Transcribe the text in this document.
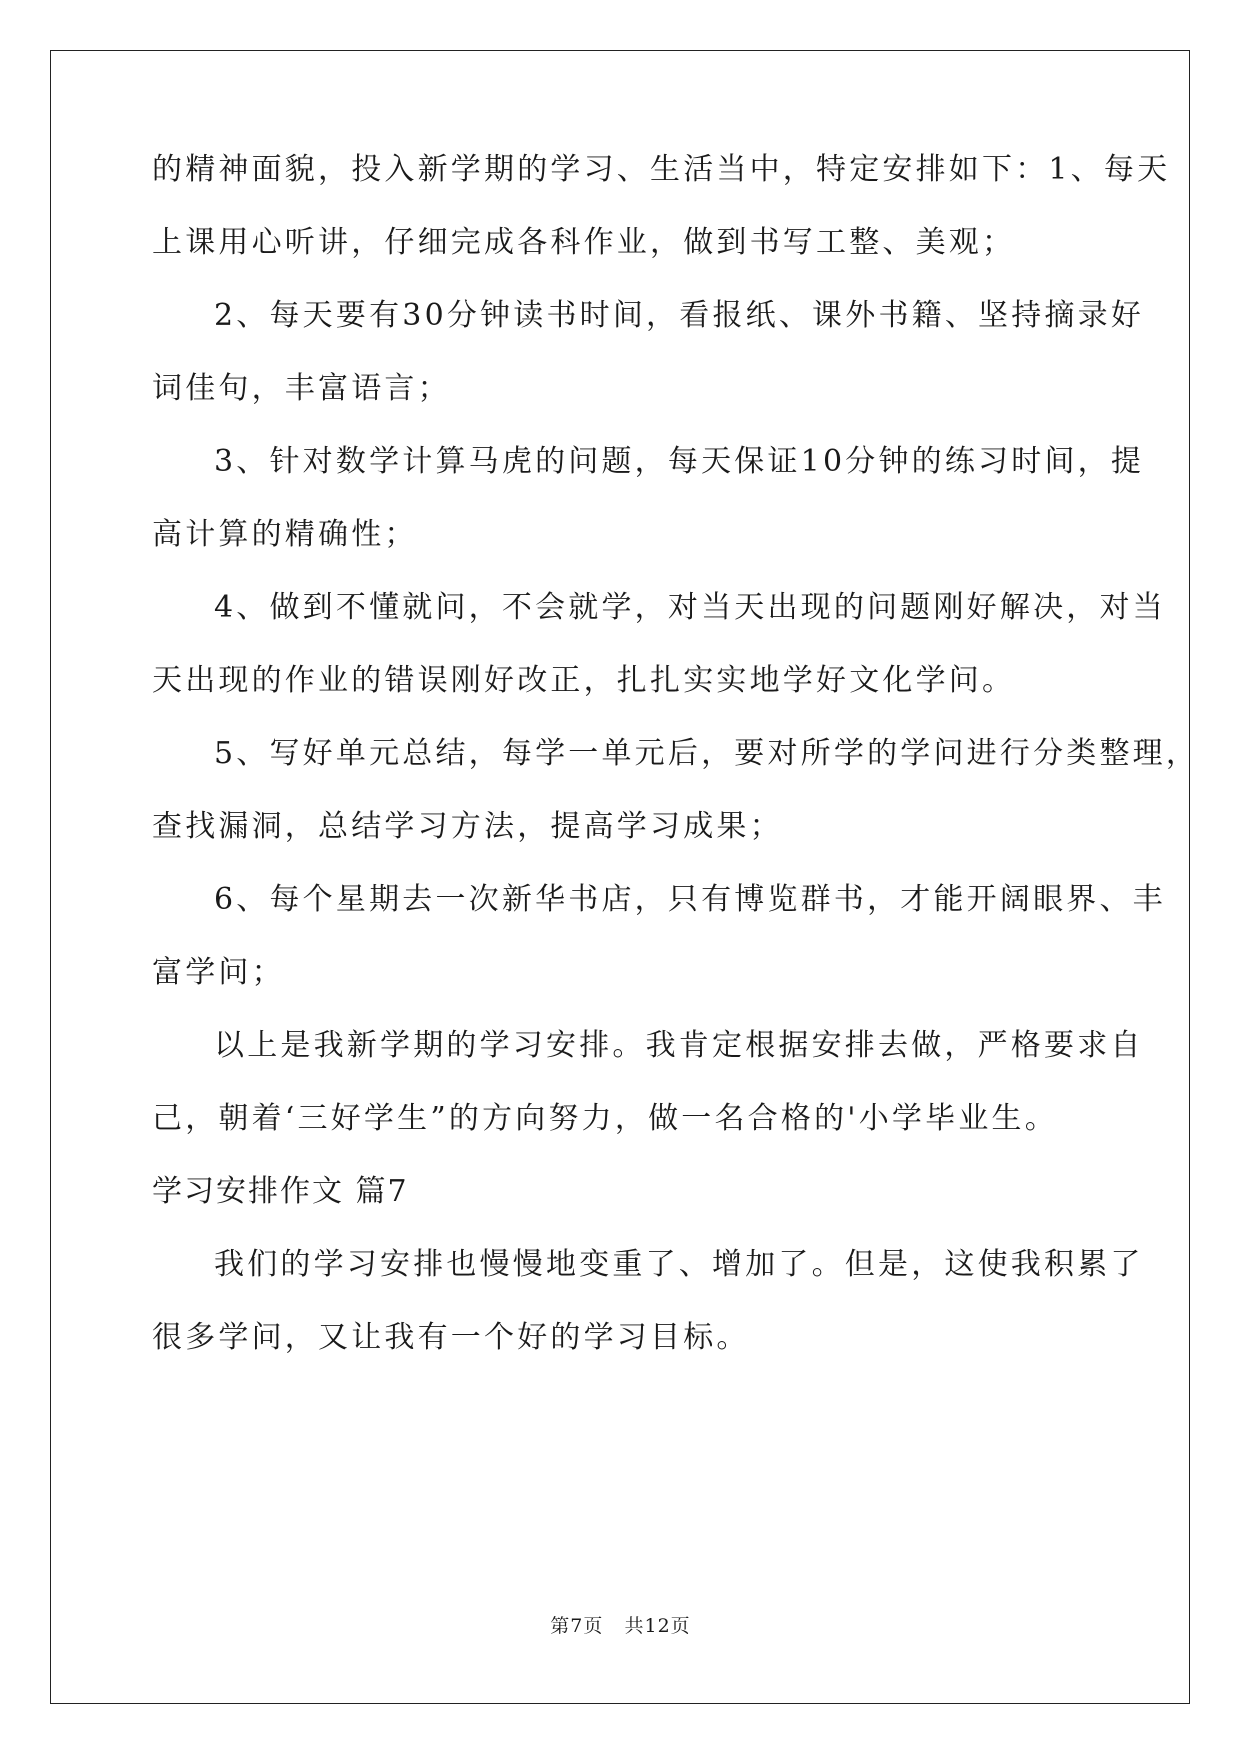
的精神面貌，投入新学期的学习、生活当中，特定安排如下：1、每天
上课用心听讲，仔细完成各科作业，做到书写工整、美观；
2、每天要有30分钟读书时间，看报纸、课外书籍、坚持摘录好
词佳句，丰富语言；
3、针对数学计算马虎的问题，每天保证10分钟的练习时间，提
高计算的精确性；
4、做到不懂就问，不会就学，对当天出现的问题刚好解决，对当
天出现的作业的错误刚好改正，扎扎实实地学好文化学问。
5、写好单元总结，每学一单元后，要对所学的学问进行分类整理，
查找漏洞，总结学习方法，提高学习成果；
6、每个星期去一次新华书店，只有博览群书，才能开阔眼界、丰
富学问；
以上是我新学期的学习安排。我肯定根据安排去做，严格要求自
己，朝着‘三好学生”的方向努力，做一名合格的'小学毕业生。
学习安排作文 篇7
我们的学习安排也慢慢地变重了、增加了。但是，这使我积累了
很多学问，又让我有一个好的学习目标。
第7页   共12页
